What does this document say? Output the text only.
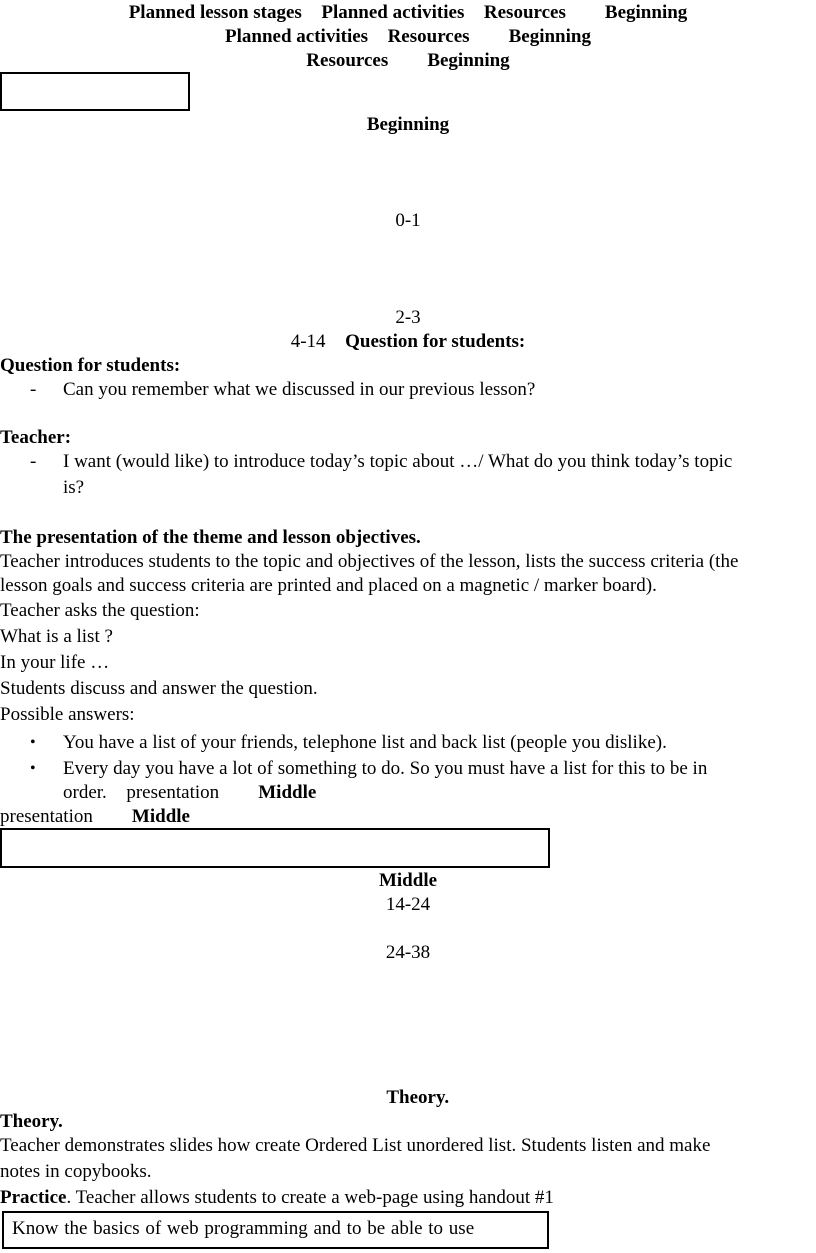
Planned lesson stages Planned activities Resources Beginning
Planned activities Resources Beginning
Resources Beginning
Beginning
0-1
2-3
4-14 Question for students:
Question for students:
- Can you remember what we discussed in our previous lesson?
Teacher:
- I want (would like) to introduce today’s topic about …/ What do you think today’s topic
is?
The presentation of the theme and lesson objectives.
Teacher introduces students to the topic and objectives of the lesson, lists the success criteria (the
lesson goals and success criteria are printed and placed on a magnetic / marker board).
Teacher asks the question:
What is a list ?
In your life …
Students discuss and answer the question.
Possible answers:
• You have a list of your friends, telephone list and back list (people you dislike).
• Every day you have a lot of something to do. So you must have a list for this to be in
order. presentation Middle
presentation Middle
Middle
14-24
24-38
Theory.
Theory.
Teacher demonstrates slides how create Ordered List unordered list. Students listen and make
notes in copybooks.
Practice. Teacher allows students to create a web-page using handout #1
Know the basics of web programming and to be able to use
